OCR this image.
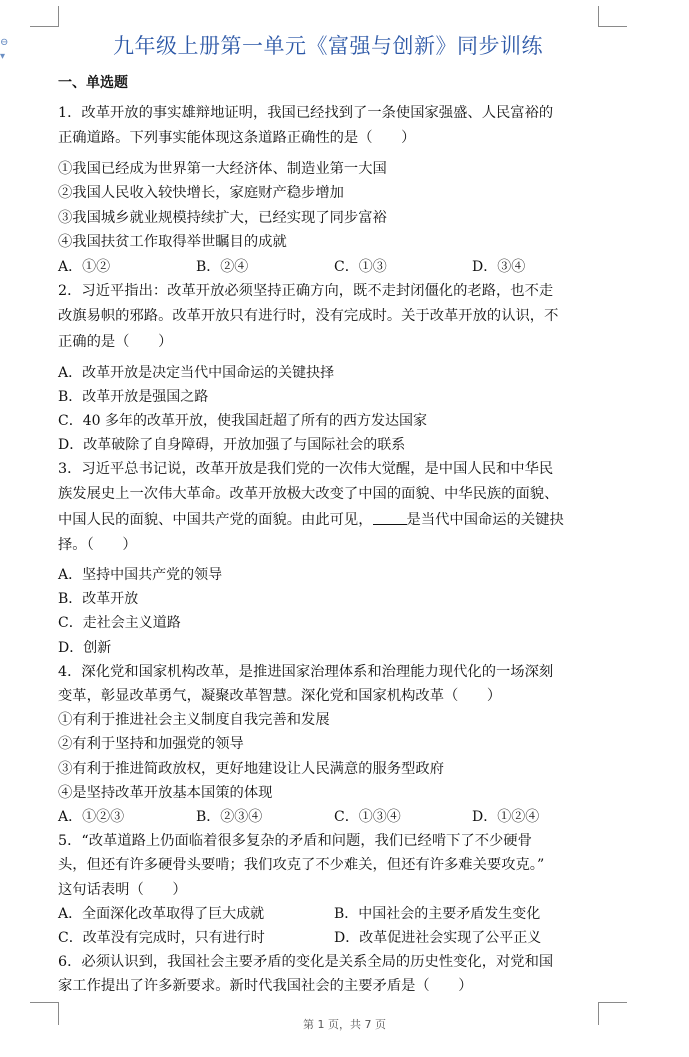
⊖ ▾	九年级上册第一单元《富强与创新》同步训练
一、单选题
1．改革开放的事实雄辩地证明，我国已经找到了一条使国家强盛、人民富裕的
正确道路。下列事实能体现这条道路正确性的是（　　）
①我国已经成为世界第一大经济体、制造业第一大国
②我国人民收入较快增长，家庭财产稳步增加
③我国城乡就业规模持续扩大，已经实现了同步富裕
④我国扶贫工作取得举世瞩目的成就
A．①②	B．②④	C．①③	D．③④
2．习近平指出：改革开放必须坚持正确方向，既不走封闭僵化的老路，也不走
改旗易帜的邪路。改革开放只有进行时，没有完成时。关于改革开放的认识，不
正确的是（　　）
A．改革开放是决定当代中国命运的关键抉择
B．改革开放是强国之路
C．40 多年的改革开放，使我国赶超了所有的西方发达国家
D．改革破除了自身障碍，开放加强了与国际社会的联系
3．习近平总书记说，改革开放是我们党的一次伟大觉醒，是中国人民和中华民
族发展史上一次伟大革命。改革开放极大改变了中国的面貌、中华民族的面貌、
中国人民的面貌、中国共产党的面貌。由此可见， 是当代中国命运的关键抉
择。（　　）
A．坚持中国共产党的领导
B．改革开放
C．走社会主义道路
D．创新
4．深化党和国家机构改革，是推进国家治理体系和治理能力现代化的一场深刻
变革，彰显改革勇气，凝聚改革智慧。深化党和国家机构改革（　　）
①有利于推进社会主义制度自我完善和发展
②有利于坚持和加强党的领导
③有利于推进简政放权，更好地建设让人民满意的服务型政府
④是坚持改革开放基本国策的体现
A．①②③	B．②③④	C．①③④	D．①②④
5．“改革道路上仍面临着很多复杂的矛盾和问题，我们已经啃下了不少硬骨
头，但还有许多硬骨头要啃；我们攻克了不少难关，但还有许多难关要攻克。”
这句话表明（　　）
A．全面深化改革取得了巨大成就	B．中国社会的主要矛盾发生变化
C．改革没有完成时，只有进行时	D．改革促进社会实现了公平正义
6．必须认识到，我国社会主要矛盾的变化是关系全局的历史性变化，对党和国
家工作提出了许多新要求。新时代我国社会的主要矛盾是（　　）
第 1 页，共 7 页
